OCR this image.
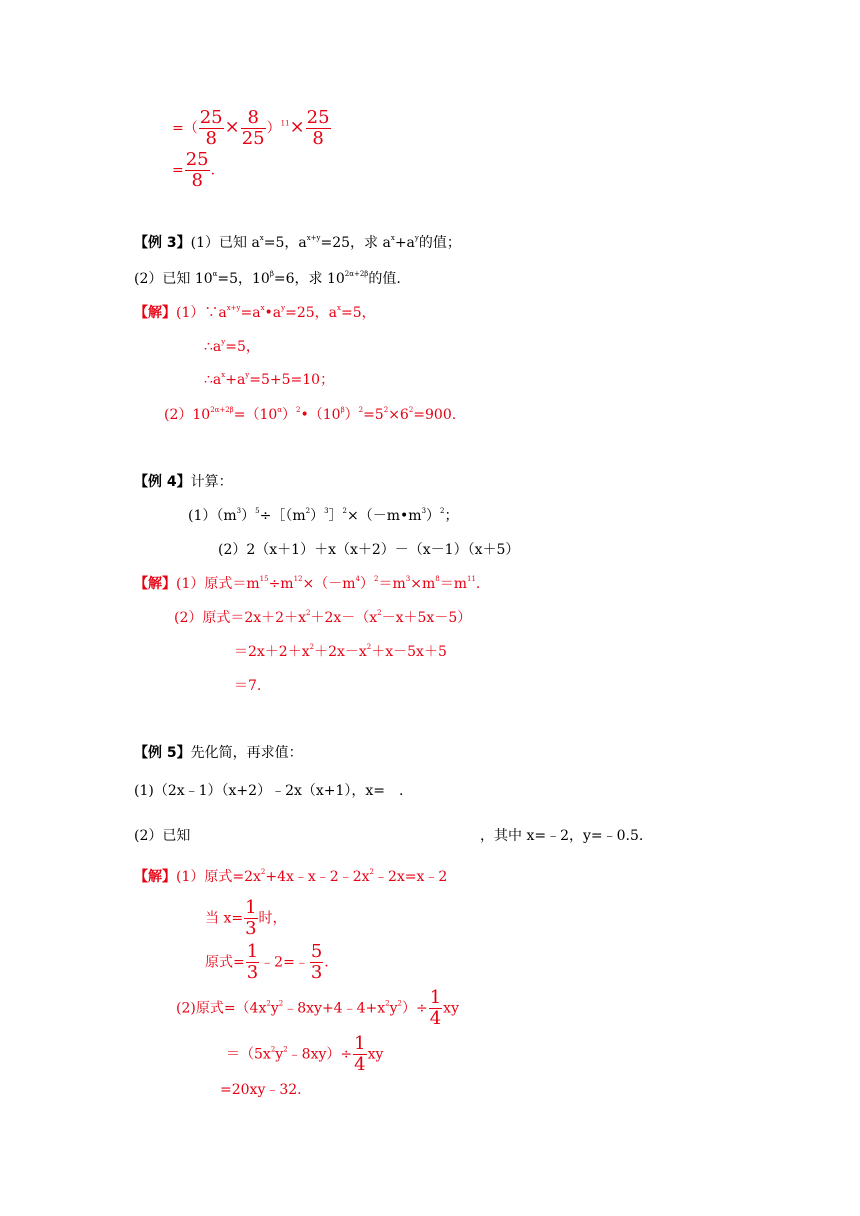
=（ $\frac{25}{8} \times \frac{8}{25} )^{11}\times \frac{25}{8}$
= $\frac{25}{8}$ .
【例 3】(1）已知 $a^x=5$，$a^{x+y}=25$，求 $a^x+a^y$的值；
(2）已知 $10^\alpha=5$，$10^\beta=6$，求 $10^{2\alpha+2\beta}$的值.
【解】$(1)\because a^{x+y}=a^x•a^y=25$，$a^x=5$，
$\therefore a^y=5$，
$\therefore a^x+a^y=5+5=10$；
$(2)10^{2\alpha+2\beta}=(10^\alpha)^2•(10^\beta)^2=5^2\times 6^2=900$.
【例 4】计算：
$(1)(m^3)^5\div[(m^2)^3]^2\times(-m•m^3)^2$；
(2）2（x＋1）＋x（x＋2）－（x－1）（x＋5）
【解】(1）原式$=m^{15}\div m^{12}\times(-m^4)^2=m^3\times m^8=m^{11}$.
(2）原式$=2x+2+x^2+2x-(x^2-x+5x-5)$
$=2x+2+x^2+2x-x^2+x-5x+5$
＝7.
【例 5】先化简，再求值：
(1)（2x﹣1）（x+2）﹣2x（x+1），x=　.
(2）已知	，其中 x=﹣2，y=﹣0.5.
【解】(1）原式$=2x^2+4x﹣x﹣2﹣2x^2﹣2x=x﹣2$
当 $x= \frac{1}{3}$ 时，
原式= $\frac{1}{3}$ ﹣2=﹣ $\frac{5}{3}$ .
(2)原式$=(4x^2y^2﹣8xy+4﹣4+x^2y^2)\div \frac{1}{4}$ xy
$=(5x^2y^2﹣8xy)\div \frac{1}{4}$ xy
=20xy﹣32.
